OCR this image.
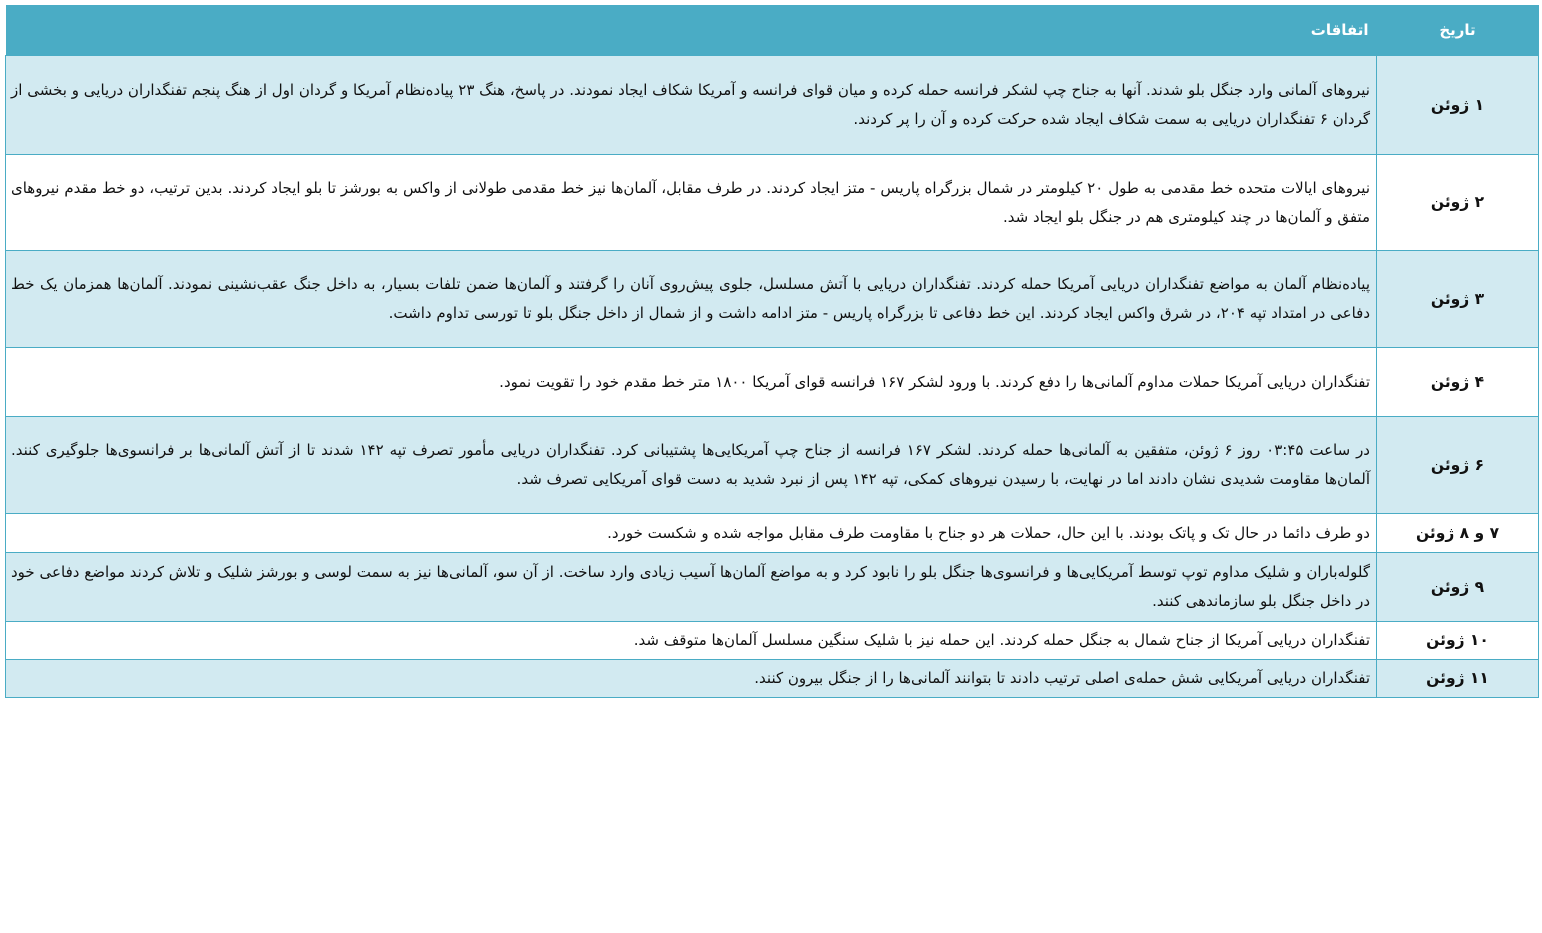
تاریخ	اتفاقات
۱ ژوئن	نیروهای آلمانی وارد جنگل بلو شدند. آنها به جناح چپ لشکر فرانسه حمله کرده و میان قوای فرانسه و آمریکا شکاف ایجاد نمودند. در پاسخ، هنگ ۲۳ پیاده‌نظام آمریکا و گردان اول از هنگ پنجم تفنگداران دریایی و بخشی از گردان ۶ تفنگداران دریایی به سمت شکاف ایجاد شده حرکت کرده و آن را پر کردند.
۲ ژوئن	نیروهای ایالات متحده خط مقدمی به طول ۲۰ کیلومتر در شمال بزرگراه پاریس - متز ایجاد کردند. در طرف مقابل، آلمان‌ها نیز خط مقدمی طولانی از واکس به بورشز تا بلو ایجاد کردند. بدین ترتیب، دو خط مقدم نیروهای متفق و آلمان‌ها در چند کیلومتری هم در جنگل بلو ایجاد شد.
۳ ژوئن	پیاده‌نظام آلمان به مواضع تفنگداران دریایی آمریکا حمله کردند. تفنگداران دریایی با آتش مسلسل، جلوی پیش‌روی آنان را گرفتند و آلمان‌ها ضمن تلفات بسیار، به داخل جنگ عقب‌نشینی نمودند. آلمان‌ها همزمان یک خط دفاعی در امتداد تپه ۲۰۴، در شرق واکس ایجاد کردند. این خط دفاعی تا بزرگراه پاریس - متز ادامه داشت و از شمال از داخل جنگل بلو تا تورسی تداوم داشت.
۴ ژوئن	تفنگداران دریایی آمریکا حملات مداوم آلمانی‌ها را دفع کردند. با ورود لشکر ۱۶۷ فرانسه قوای آمریکا ۱۸۰۰ متر خط مقدم خود را تقویت نمود.
۶ ژوئن	در ساعت ۰۳:۴۵ روز ۶ ژوئن، متفقین به آلمانی‌ها حمله کردند. لشکر ۱۶۷ فرانسه از جناح چپ آمریکایی‌ها پشتیبانی کرد. تفنگداران دریایی مأمور تصرف تپه ۱۴۲ شدند تا از آتش آلمانی‌ها بر فرانسوی‌ها جلوگیری کنند. آلمان‌ها مقاومت شدیدی نشان دادند اما در نهایت، با رسیدن نیروهای کمکی، تپه ۱۴۲ پس از نبرد شدید به دست قوای آمریکایی تصرف شد.
۷ و ۸ ژوئن	دو طرف دائما در حال تک و پاتک بودند. با این حال، حملات هر دو جناح با مقاومت طرف مقابل مواجه شده و شکست خورد.
۹ ژوئن	گلوله‌باران و شلیک مداوم توپ توسط آمریکایی‌ها و فرانسوی‌ها جنگل بلو را نابود کرد و به مواضع آلمان‌ها آسیب زیادی وارد ساخت. از آن سو، آلمانی‌ها نیز به سمت لوسی و بورشز شلیک و تلاش کردند مواضع دفاعی خود در داخل جنگل بلو سازماندهی کنند.
۱۰ ژوئن	تفنگداران دریایی آمریکا از جناح شمال به جنگل حمله کردند. این حمله نیز با شلیک سنگین مسلسل آلمان‌ها متوقف شد.
۱۱ ژوئن	تفنگداران دریایی آمریکایی شش حمله‌ی اصلی ترتیب دادند تا بتوانند آلمانی‌ها را از جنگل بیرون کنند.
